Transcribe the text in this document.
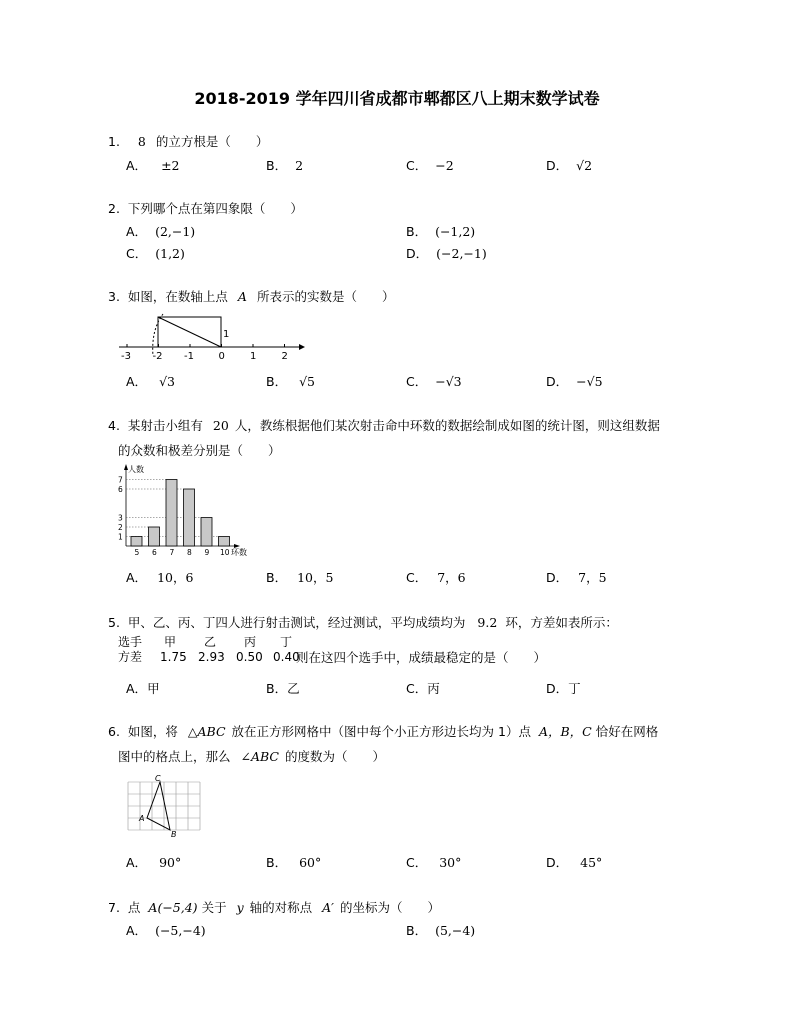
2018-2019 学年四川省成都市郫都区八上期末数学试卷
1. 8 的立方根是（　　）
A． ±2	B． 2	C． −2	D． √2
2. 下列哪个点在第四象限（　　）
A． (2,−1)	B． (−1,2)
C． (1,2)	D． (−2,−1)
3. 如图，在数轴上点 A 所表示的实数是（　　）
-3 -2 -1 0	1	2
1
A． √3	B． √5	C． −√3	D． −√5
4. 某射击小组有 20 人，教练根据他们某次射击命中环数的数据绘制成如图的统计图，则这组数据
的众数和极差分别是（　　）
人数
环数
1
2
3
6
7
5 6 7 8 9 10
A． 10，6	B． 10，5	C． 7，6	D． 7，5
5. 甲、乙、丙、丁四人进行射击测试，经过测试，平均成绩均为 9.2 环，方差如表所示：
选手 甲 乙 丙 丁
方差 1.75 2.93 0.50 0.40
则在这四个选手中，成绩最稳定的是（　　）
A．甲	B．乙	C．丙	D．丁
6. 如图，将 △ABC 放在正方形网格中（图中每个小正方形边长均为 1）点 A，B，C 恰好在网格
图中的格点上，那么 ∠ABC 的度数为（　　）
C
A
B
A． 90°	B． 60°	C． 30°	D． 45°
7. 点 A(−5,4) 关于 y 轴的对称点 A′ 的坐标为（　　）
A． (−5,−4)	B． (5,−4)
